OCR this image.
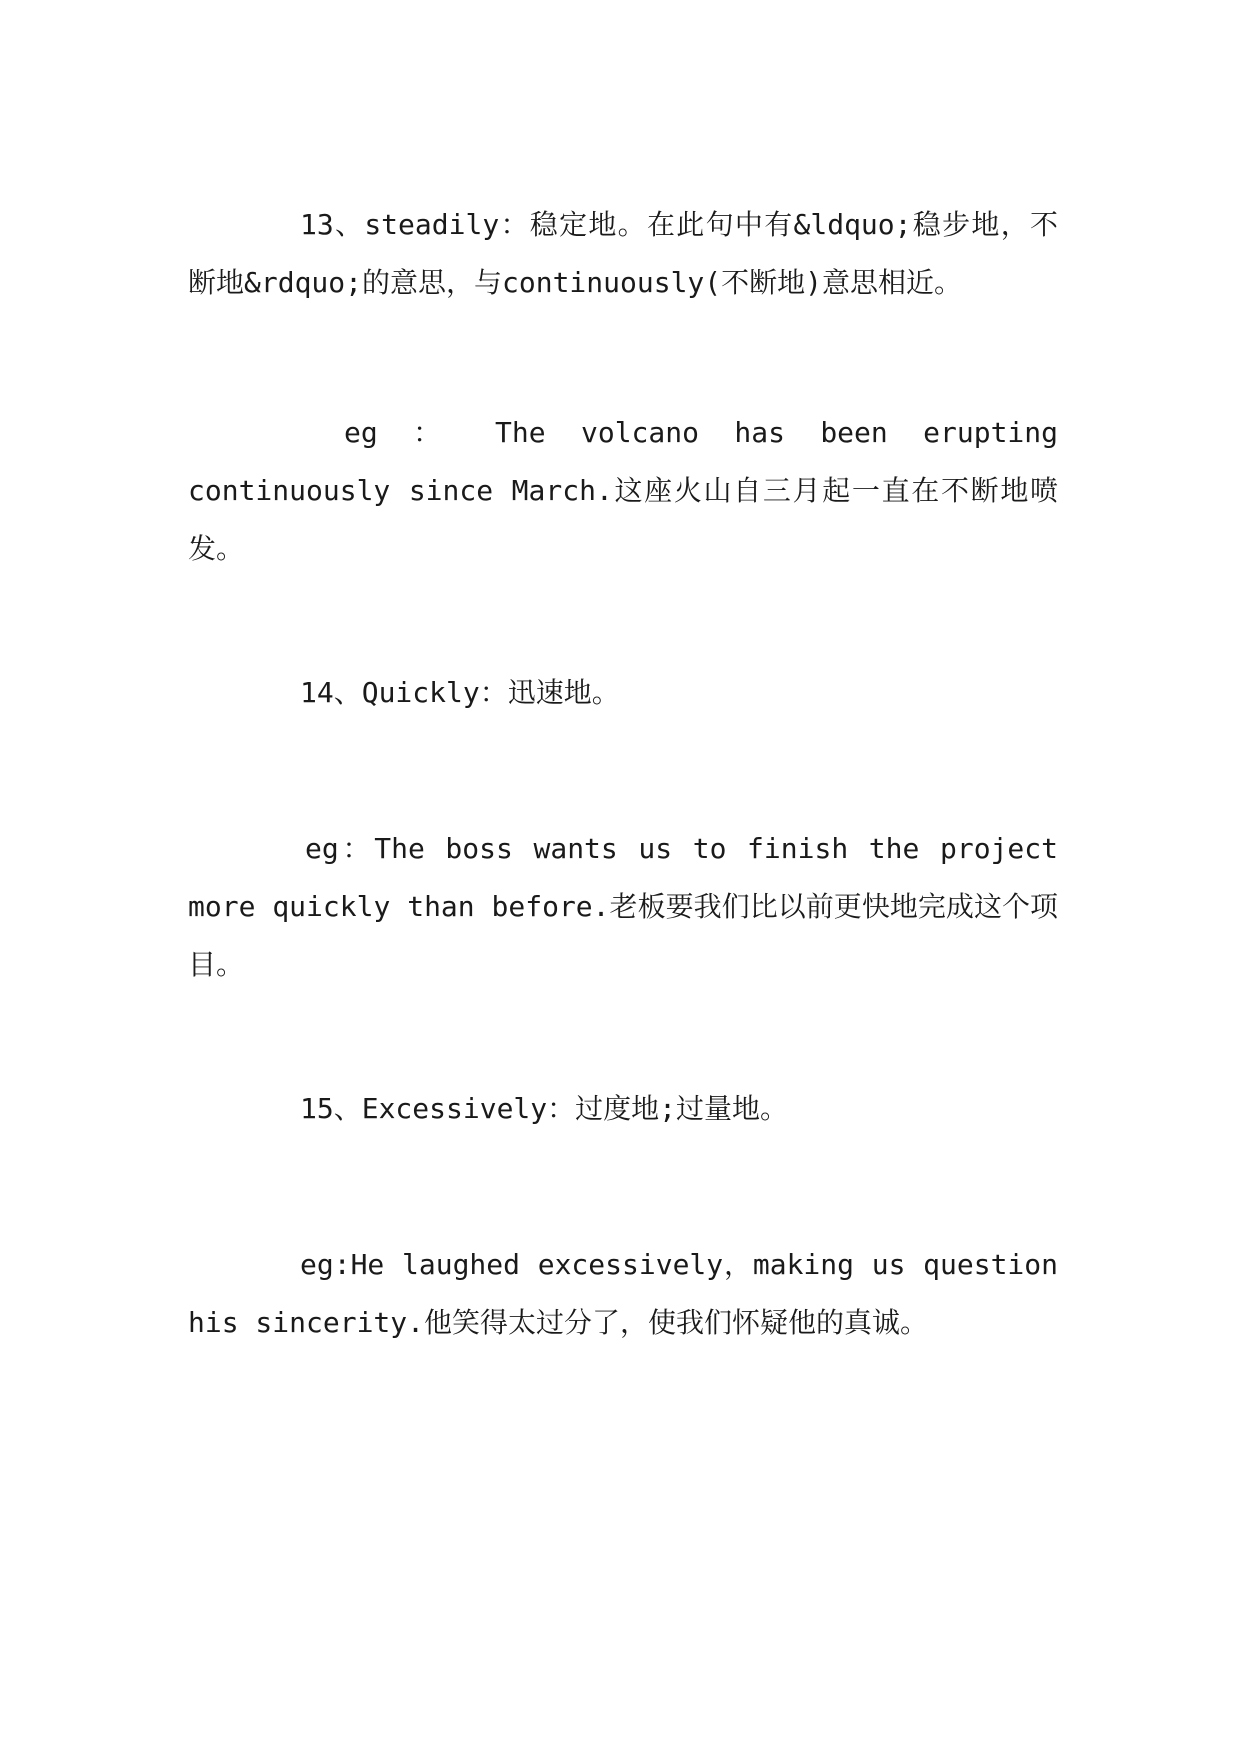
13、steadily：稳定地。在此句中有&ldquo;稳步地，不断地&rdquo;的意思，与continuously(不断地)意思相近。

eg ： The volcano has been erupting continuously since March.这座火山自三月起一直在不断地喷发。

14、Quickly：迅速地。

eg：The boss wants us to finish the project more quickly than before.老板要我们比以前更快地完成这个项目。

15、Excessively：过度地;过量地。

eg:He laughed excessively，making us question his sincerity.他笑得太过分了，使我们怀疑他的真诚。
